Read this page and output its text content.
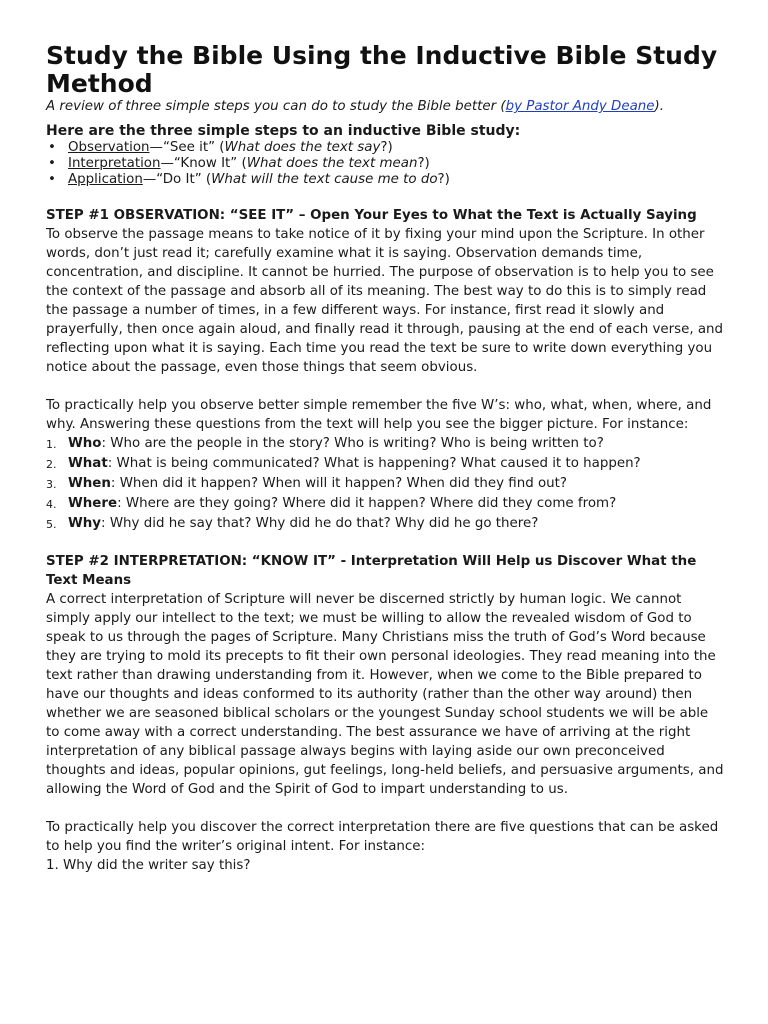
Study the Bible Using the Inductive Bible Study Method

A review of three simple steps you can do to study the Bible better (by Pastor Andy Deane).

Here are the three simple steps to an inductive Bible study:

• Observation—“See it” (What does the text say?)
• Interpretation—“Know It” (What does the text mean?)
• Application—“Do It” (What will the text cause me to do?)

STEP #1 OBSERVATION: “SEE IT” – Open Your Eyes to What the Text is Actually Saying

To observe the passage means to take notice of it by fixing your mind upon the Scripture. In other words, don’t just read it; carefully examine what it is saying. Observation demands time, concentration, and discipline. It cannot be hurried. The purpose of observation is to help you to see the context of the passage and absorb all of its meaning. The best way to do this is to simply read the passage a number of times, in a few different ways. For instance, first read it slowly and prayerfully, then once again aloud, and finally read it through, pausing at the end of each verse, and reflecting upon what it is saying. Each time you read the text be sure to write down everything you notice about the passage, even those things that seem obvious.

To practically help you observe better simple remember the five W’s: who, what, when, where, and why. Answering these questions from the text will help you see the bigger picture. For instance:

1. Who: Who are the people in the story? Who is writing? Who is being written to?
2. What: What is being communicated? What is happening? What caused it to happen?
3. When: When did it happen? When will it happen? When did they find out?
4. Where: Where are they going? Where did it happen? Where did they come from?
5. Why: Why did he say that? Why did he do that? Why did he go there?

STEP #2 INTERPRETATION: “KNOW IT” - Interpretation Will Help us Discover What the Text Means

A correct interpretation of Scripture will never be discerned strictly by human logic. We cannot simply apply our intellect to the text; we must be willing to allow the revealed wisdom of God to speak to us through the pages of Scripture. Many Christians miss the truth of God’s Word because they are trying to mold its precepts to fit their own personal ideologies. They read meaning into the text rather than drawing understanding from it. However, when we come to the Bible prepared to have our thoughts and ideas conformed to its authority (rather than the other way around) then whether we are seasoned biblical scholars or the youngest Sunday school students we will be able to come away with a correct understanding. The best assurance we have of arriving at the right interpretation of any biblical passage always begins with laying aside our own preconceived thoughts and ideas, popular opinions, gut feelings, long-held beliefs, and persuasive arguments, and allowing the Word of God and the Spirit of God to impart understanding to us.

To practically help you discover the correct interpretation there are five questions that can be asked to help you find the writer’s original intent. For instance:

1. Why did the writer say this?
